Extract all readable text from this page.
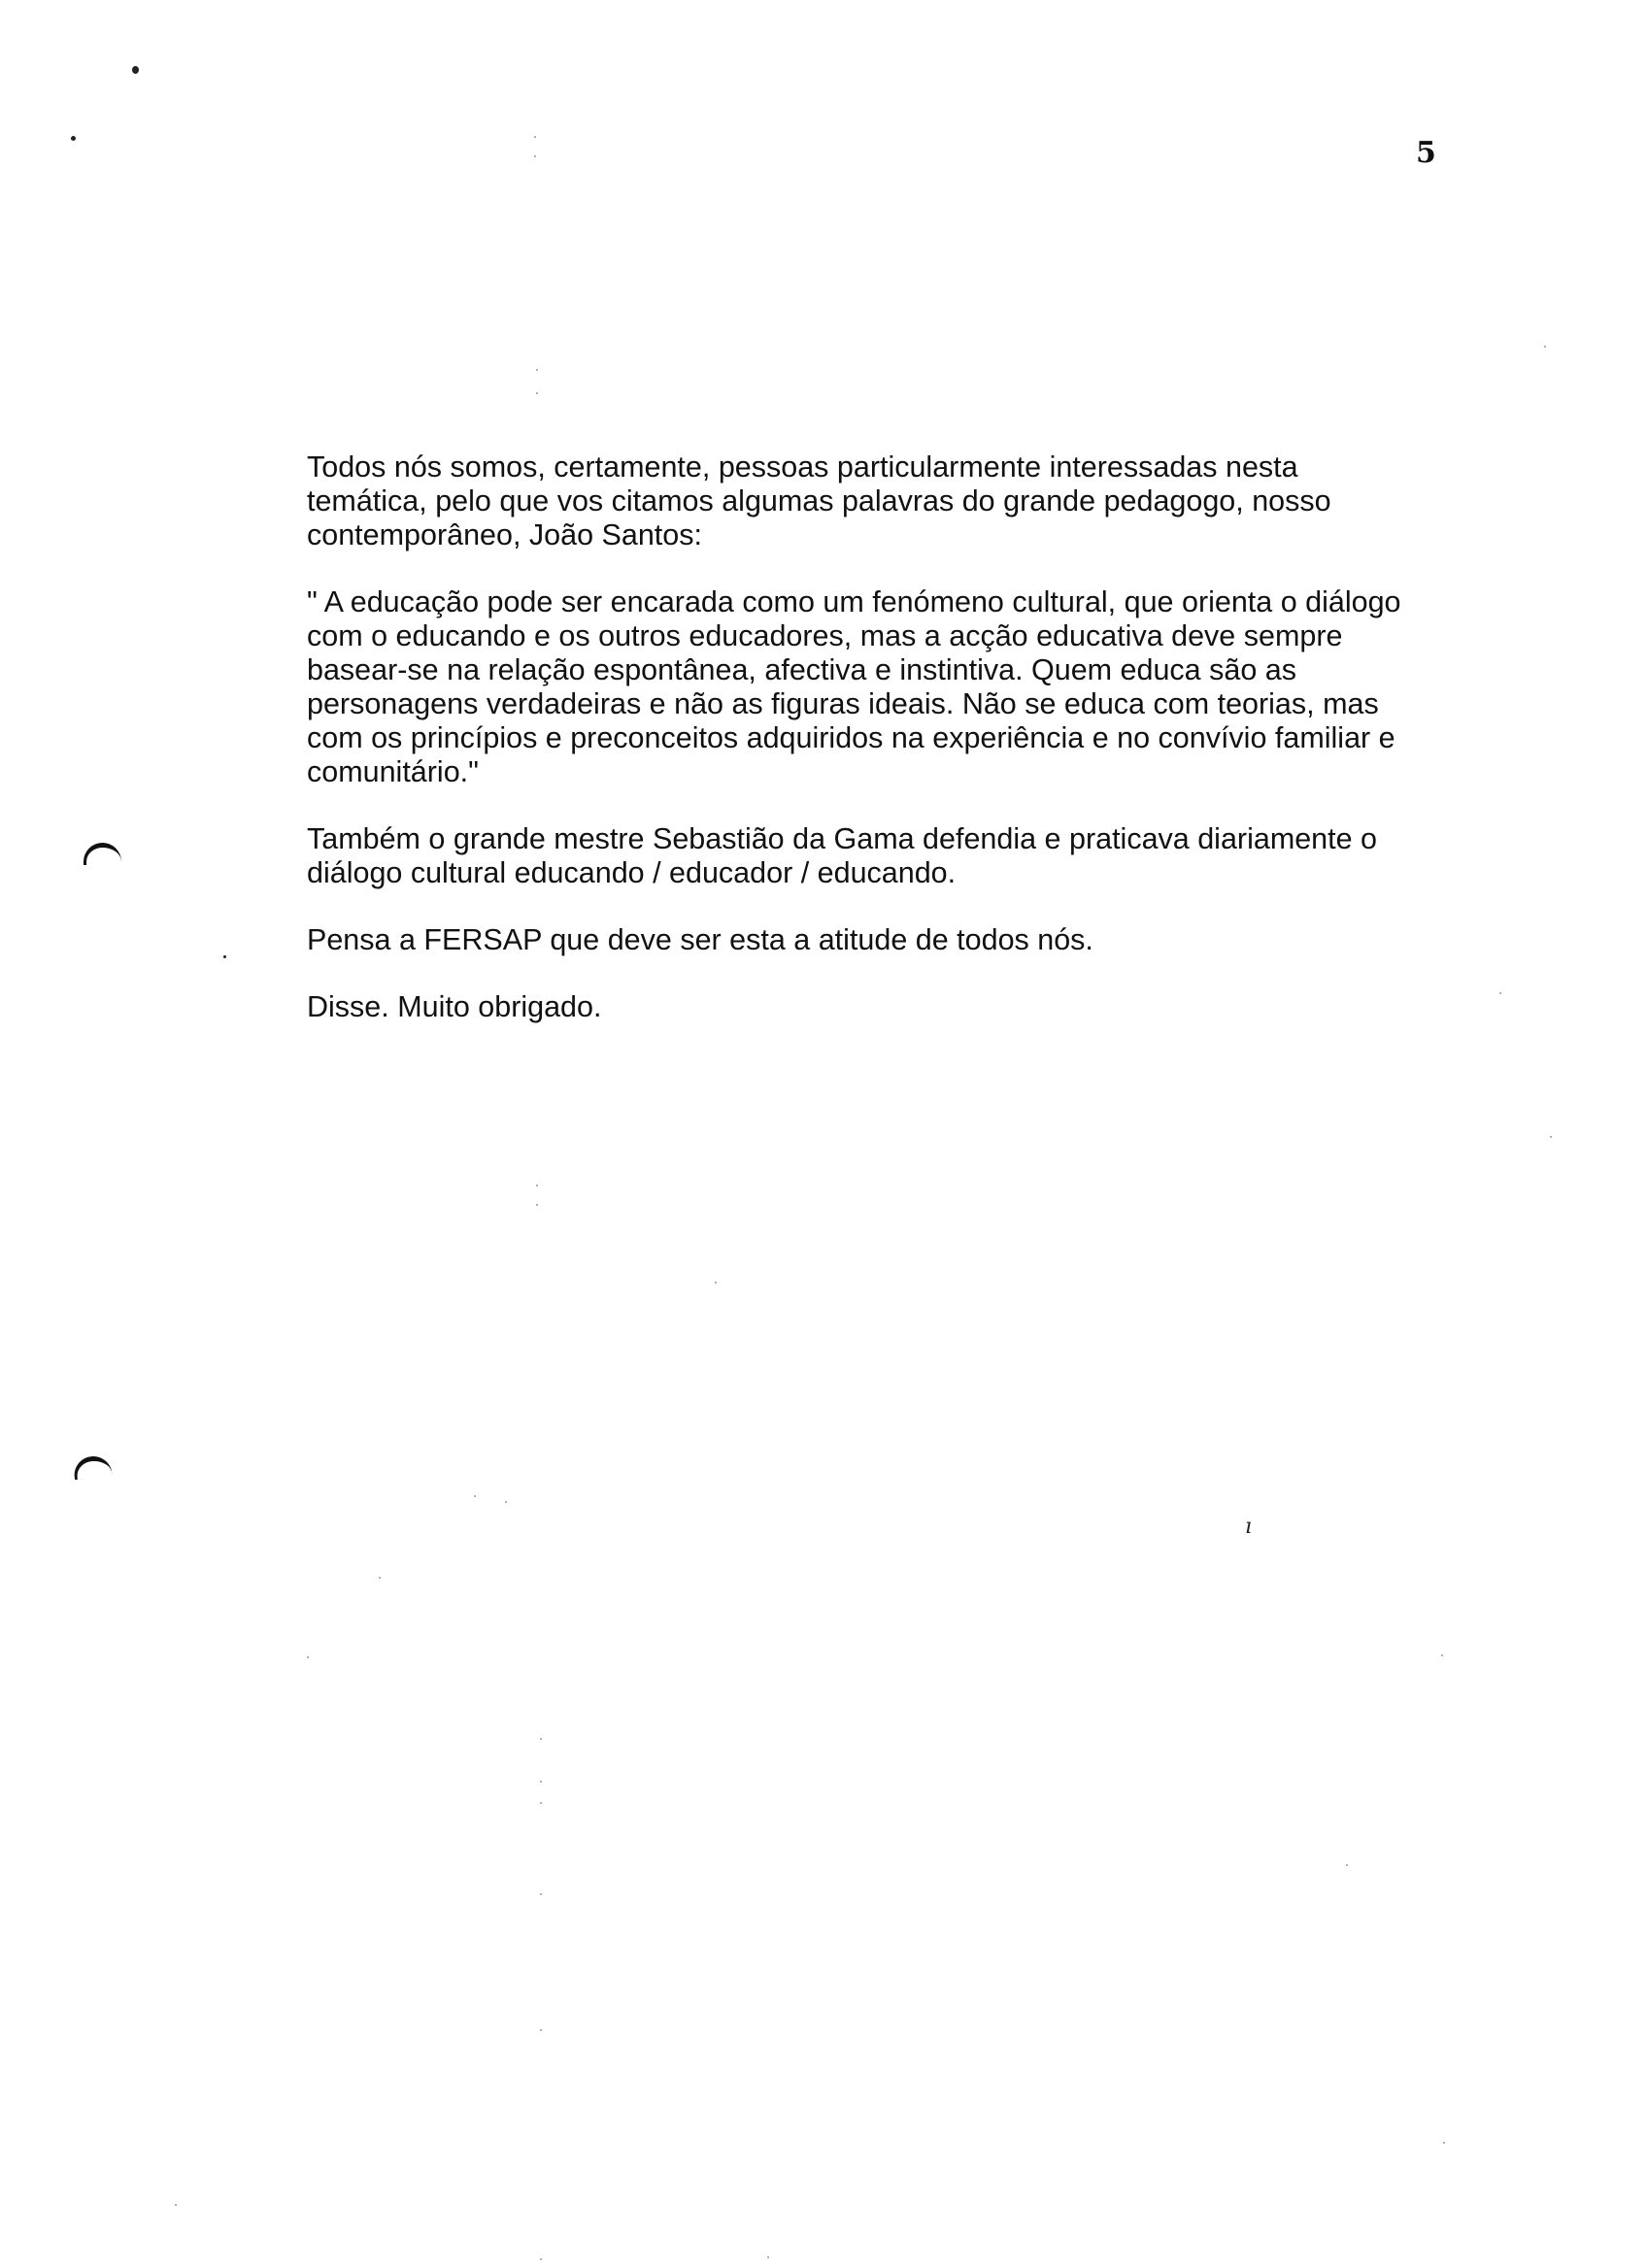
5

Todos nós somos, certamente, pessoas particularmente interessadas nesta
temática, pelo que vos citamos algumas palavras do grande pedagogo, nosso
contemporâneo, João Santos:

" A educação pode ser encarada como um fenómeno cultural, que orienta o diálogo
com o educando e os outros educadores, mas a acção educativa deve sempre
basear-se na relação espontânea, afectiva e instintiva. Quem educa são as
personagens verdadeiras e não as figuras ideais. Não se educa com teorias, mas
com os princípios e preconceitos adquiridos na experiência e no convívio familiar e
comunitário."

Também o grande mestre Sebastião da Gama defendia e praticava diariamente o
diálogo cultural educando / educador / educando.

Pensa a FERSAP que deve ser esta a atitude de todos nós.

Disse. Muito obrigado.

ı
